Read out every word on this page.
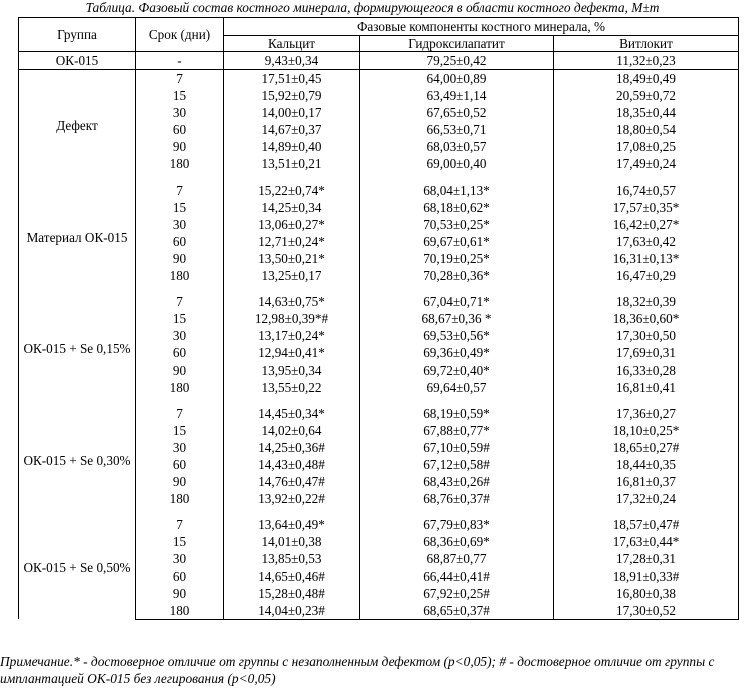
Таблица. Фазовый состав костного минерала, формирующегося в области костного дефекта, M±m
Группа	Срок (дни)	Фазовые компоненты костного минерала, %		
		Кальцит	Гидроксилапатит	Витлокит
ОК-015	-	9,43±0,34	79,25±0,42	11,32±0,23

Дефект	7	17,51±0,45	64,00±0,89	18,49±0,49
	15	15,92±0,79	63,49±1,14	20,59±0,72
	30	14,00±0,17	67,65±0,52	18,35±0,44
	60	14,67±0,37	66,53±0,71	18,80±0,54
	90	14,89±0,40	68,03±0,57	17,08±0,25
	180	13,51±0,21	69,00±0,40	17,49±0,24

Материал ОК-015	7	15,22±0,74*	68,04±1,13*	16,74±0,57
	15	14,25±0,34	68,18±0,62*	17,57±0,35*
	30	13,06±0,27*	70,53±0,25*	16,42±0,27*
	60	12,71±0,24*	69,67±0,61*	17,63±0,42
	90	13,50±0,21*	70,19±0,25*	16,31±0,13*
	180	13,25±0,17	70,28±0,36*	16,47±0,29

ОК-015 + Se 0,15%	7	14,63±0,75*	67,04±0,71*	18,32±0,39
	15	12,98±0,39*#	68,67±0,36 *	18,36±0,60*
	30	13,17±0,24*	69,53±0,56*	17,30±0,50
	60	12,94±0,41*	69,36±0,49*	17,69±0,31
	90	13,95±0,34	69,72±0,40*	16,33±0,28
	180	13,55±0,22	69,64±0,57	16,81±0,41

ОК-015 + Se 0,30%	7	14,45±0,34*	68,19±0,59*	17,36±0,27
	15	14,02±0,64	67,88±0,77*	18,10±0,25*
	30	14,25±0,36#	67,10±0,59#	18,65±0,27#
	60	14,43±0,48#	67,12±0,58#	18,44±0,35
	90	14,76±0,47#	68,43±0,26#	16,81±0,37
	180	13,92±0,22#	68,76±0,37#	17,32±0,24

ОК-015 + Se 0,50%	7	13,64±0,49*	67,79±0,83*	18,57±0,47#
	15	14,01±0,38	68,36±0,69*	17,63±0,44*
	30	13,85±0,53	68,87±0,77	17,28±0,31
	60	14,65±0,46#	66,44±0,41#	18,91±0,33#
	90	15,28±0,48#	67,92±0,25#	16,80±0,38
	180	14,04±0,23#	68,65±0,37#	17,30±0,52
Примечание.* - достоверное отличие от группы с незаполненным дефектом (p<0,05); # - достоверное отличие от группы с имплантацией ОК-015 без легирования (p<0,05)
